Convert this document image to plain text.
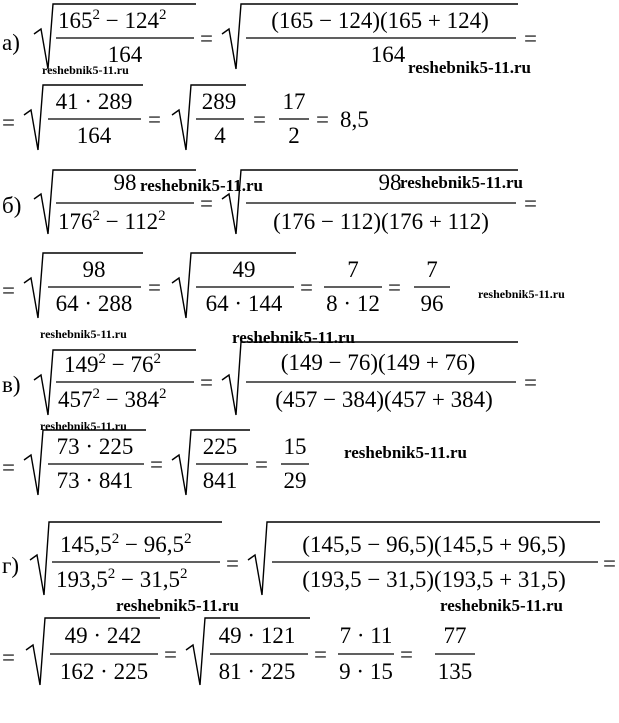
а)
$165^2 - 124^2$
164
=
(165 − 124)(165 + 124)
164
=
=
41 · 289
164
=
289
4
=
17
2
= 8,5
б)
98
$176^2 - 112^2$ =
98
(176 − 112)(176 + 112)
=
=
98
64 · 288
=
49
64 · 144
=
7
8 · 12
=
7
96
в)
$149^2 - 76^2$
$457^2 - 384^2$ =
(149 − 76)(149 + 76)
(457 − 384)(457 + 384)
=
=
73 · 225
73 · 841
=
225
841
=
15
29
г)
$145,5^2 - 96,5^2$
$193,5^2 - 31,5^2$ =
(145,5 − 96,5)(145,5 + 96,5)
(193,5 − 31,5)(193,5 + 31,5)
=
=
49 · 242
162 · 225
=
49 · 121
81 · 225
=
7 · 11
9 · 15
=
77
135
reshebnik5-11.ru	reshebnik5-11.ru
reshebnik5-11.ru	reshebnik5-11.ru
reshebnik5-11.ru
reshebnik5-11.ru	reshebnik5-11.ru
reshebnik5-11.ru
reshebnik5-11.ru
reshebnik5-11.ru	reshebnik5-11.ru
